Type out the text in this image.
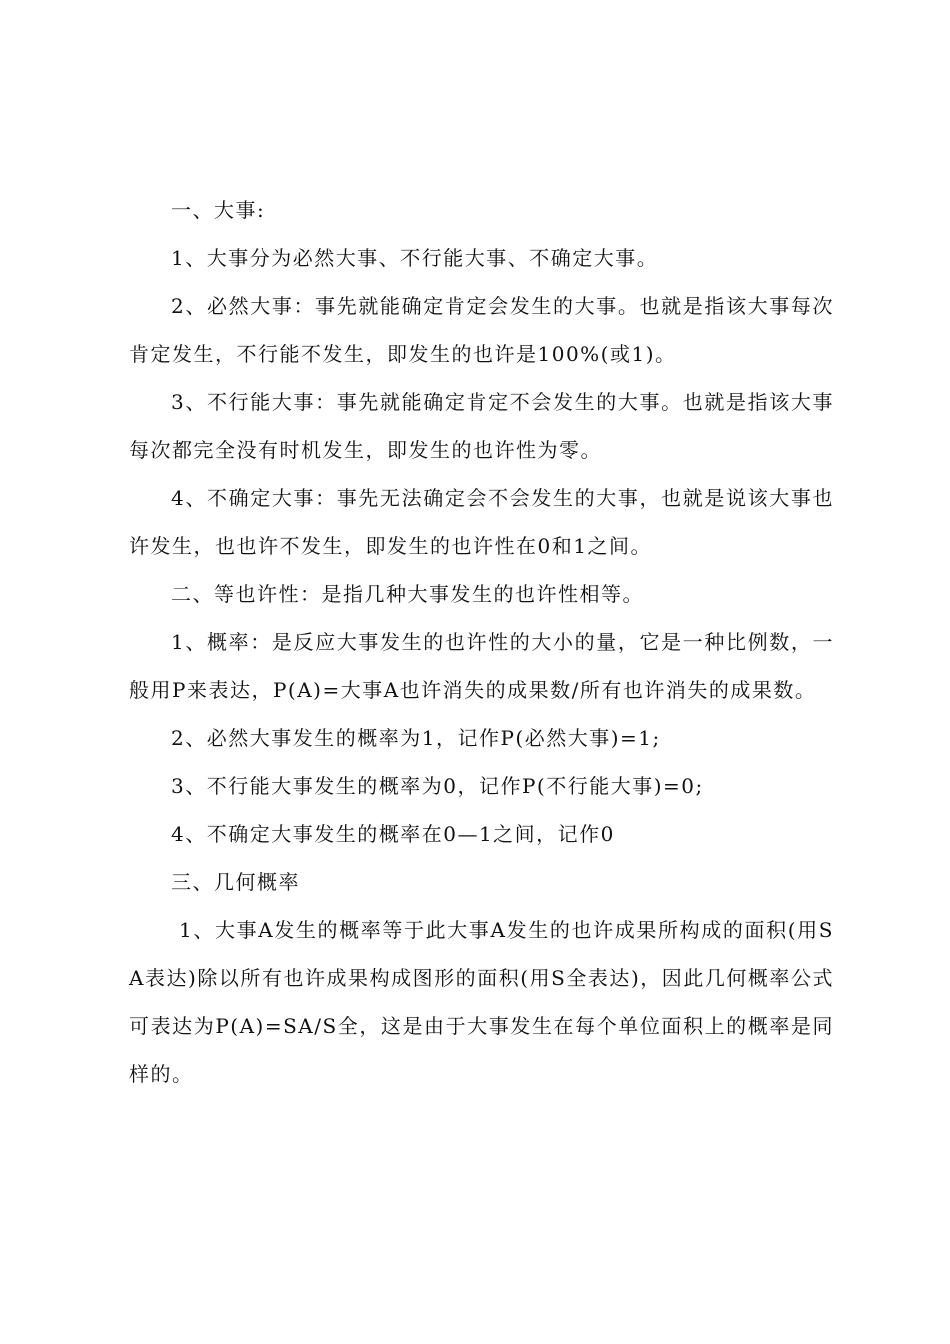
一、大事:

1、大事分为必然大事、不行能大事、不确定大事。

2、必然大事：事先就能确定肯定会发生的大事。也就是指该大事每次肯定发生，不行能不发生，即发生的也许是100%(或1)。

3、不行能大事：事先就能确定肯定不会发生的大事。也就是指该大事每次都完全没有时机发生，即发生的也许性为零。

4、不确定大事：事先无法确定会不会发生的大事，也就是说该大事也许发生，也也许不发生，即发生的也许性在0和1之间。

二、等也许性：是指几种大事发生的也许性相等。

1、概率：是反应大事发生的也许性的大小的量，它是一种比例数，一般用P来表达，P(A)=大事A也许消失的成果数/所有也许消失的成果数。

2、必然大事发生的概率为1，记作P(必然大事)=1;

3、不行能大事发生的概率为0，记作P(不行能大事)=0;

4、不确定大事发生的概率在0—1之间，记作0

三、几何概率

1、大事A发生的概率等于此大事A发生的也许成果所构成的面积(用SA表达)除以所有也许成果构成图形的面积(用S全表达)，因此几何概率公式可表达为P(A)=SA/S全，这是由于大事发生在每个单位面积上的概率是同样的。
